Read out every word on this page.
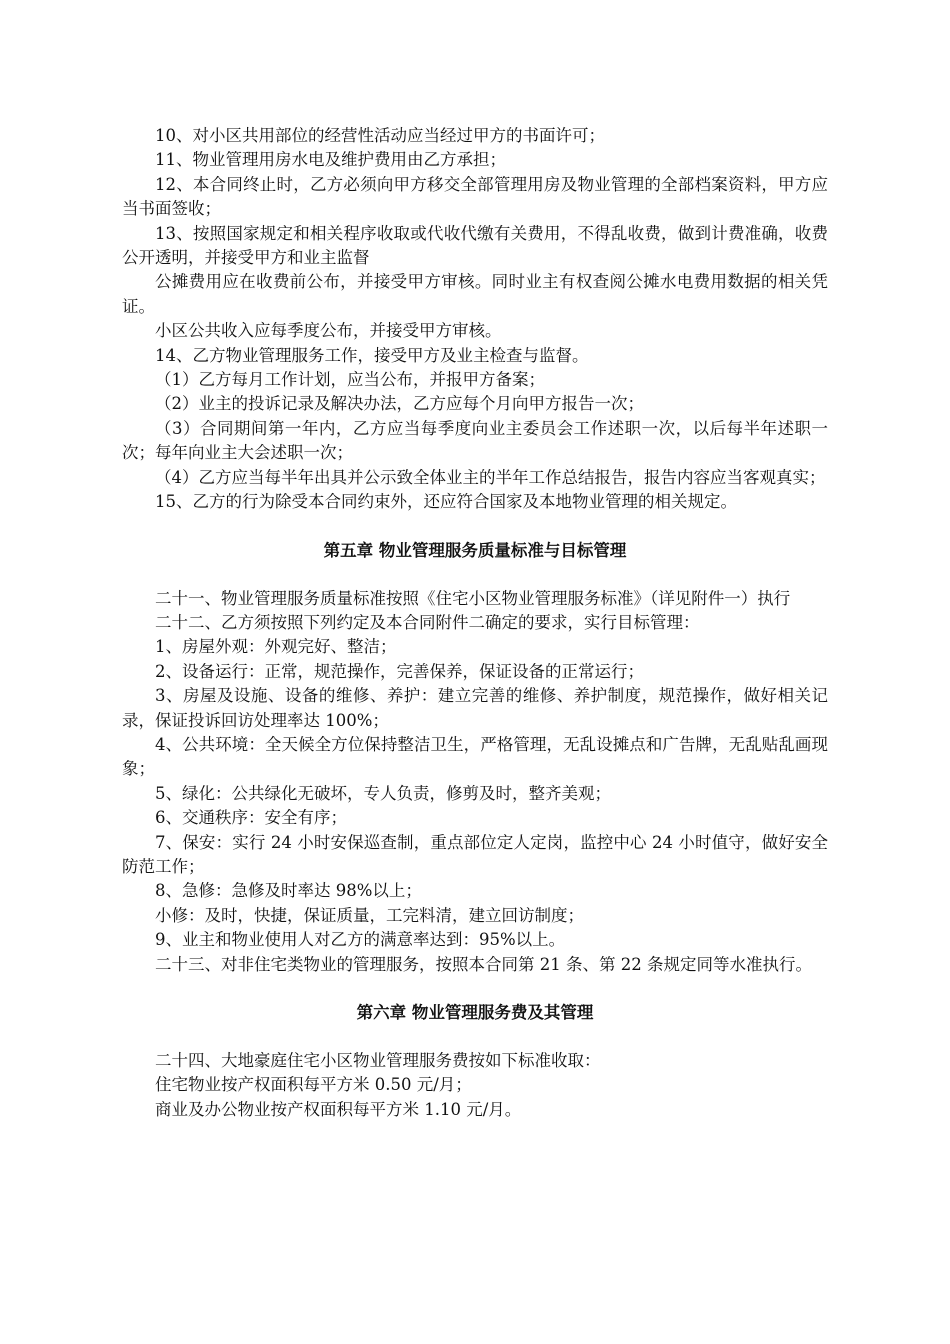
10、对小区共用部位的经营性活动应当经过甲方的书面许可；

11、物业管理用房水电及维护费用由乙方承担；

12、本合同终止时，乙方必须向甲方移交全部管理用房及物业管理的全部档案资料，甲方应当书面签收；

13、按照国家规定和相关程序收取或代收代缴有关费用，不得乱收费，做到计费准确，收费公开透明，并接受甲方和业主监督

公摊费用应在收费前公布，并接受甲方审核。同时业主有权查阅公摊水电费用数据的相关凭证。

小区公共收入应每季度公布，并接受甲方审核。

14、乙方物业管理服务工作，接受甲方及业主检查与监督。

（1）乙方每月工作计划，应当公布，并报甲方备案；

（2）业主的投诉记录及解决办法，乙方应每个月向甲方报告一次；

（3）合同期间第一年内，乙方应当每季度向业主委员会工作述职一次，以后每半年述职一次；每年向业主大会述职一次；

（4）乙方应当每半年出具并公示致全体业主的半年工作总结报告，报告内容应当客观真实；

15、乙方的行为除受本合同约束外，还应符合国家及本地物业管理的相关规定。

第五章 物业管理服务质量标准与目标管理

二十一、物业管理服务质量标准按照《住宅小区物业管理服务标准》（详见附件一）执行

二十二、乙方须按照下列约定及本合同附件二确定的要求，实行目标管理：

1、房屋外观：外观完好、整洁；

2、设备运行：正常，规范操作，完善保养，保证设备的正常运行；

3、房屋及设施、设备的维修、养护：建立完善的维修、养护制度，规范操作，做好相关记录，保证投诉回访处理率达 100%；

4、公共环境：全天候全方位保持整洁卫生，严格管理，无乱设摊点和广告牌，无乱贴乱画现象；

5、绿化：公共绿化无破坏，专人负责，修剪及时，整齐美观；

6、交通秩序：安全有序；

7、保安：实行 24 小时安保巡查制，重点部位定人定岗，监控中心 24 小时值守，做好安全防范工作；

8、急修：急修及时率达 98%以上；

小修：及时，快捷，保证质量，工完料清，建立回访制度；

9、业主和物业使用人对乙方的满意率达到：95%以上。

二十三、对非住宅类物业的管理服务，按照本合同第 21 条、第 22 条规定同等水准执行。

第六章 物业管理服务费及其管理

二十四、大地豪庭住宅小区物业管理服务费按如下标准收取：

住宅物业按产权面积每平方米 0.50 元/月；

商业及办公物业按产权面积每平方米 1.10 元/月。
